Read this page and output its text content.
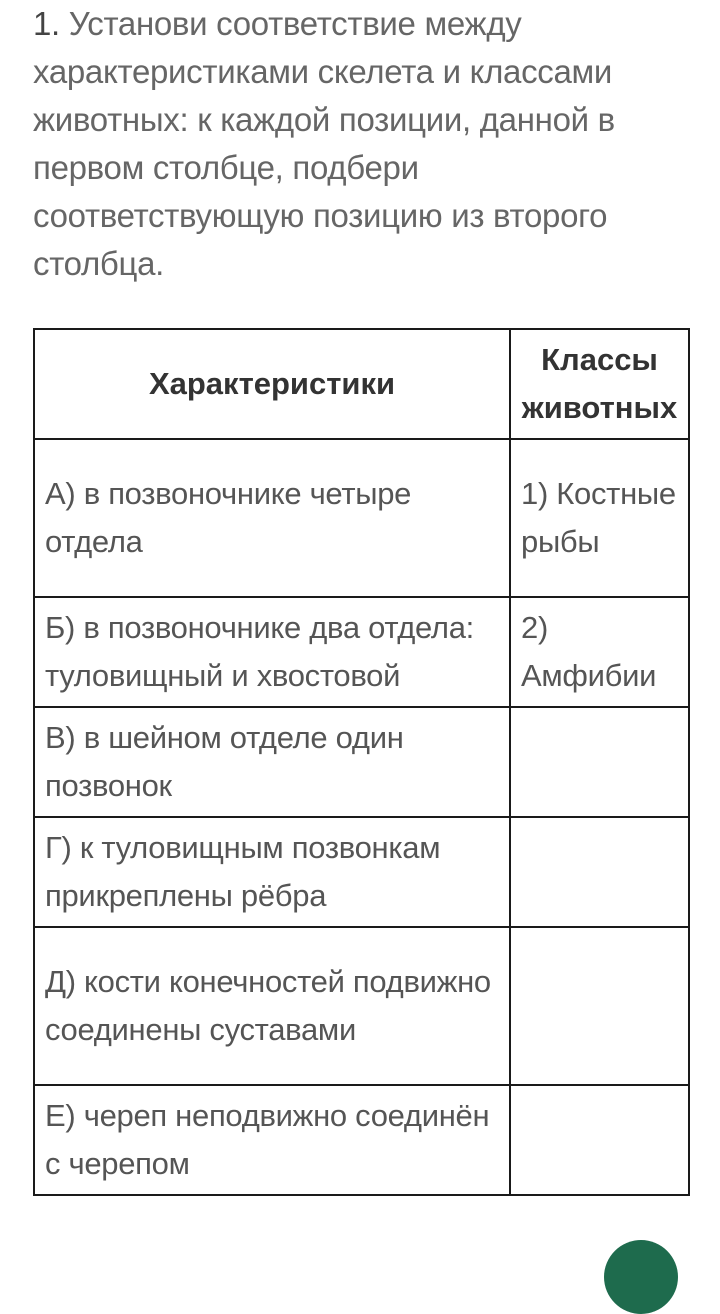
1. Установи соответствие между характеристиками скелета и классами животных: к каждой позиции, данной в первом столбце, подбери соответствующую позицию из второго столбца.
Характеристики	Классы животных
А) в позвоночнике четыре отдела	1) Костные рыбы
Б) в позвоночнике два отдела: туловищный и хвостовой	2) Амфибии
В) в шейном отделе один позвонок	
Г) к туловищным позвонкам прикреплены рёбра	
Д) кости конечностей подвижно соединены суставами	
Е) череп неподвижно соединён с черепом	
